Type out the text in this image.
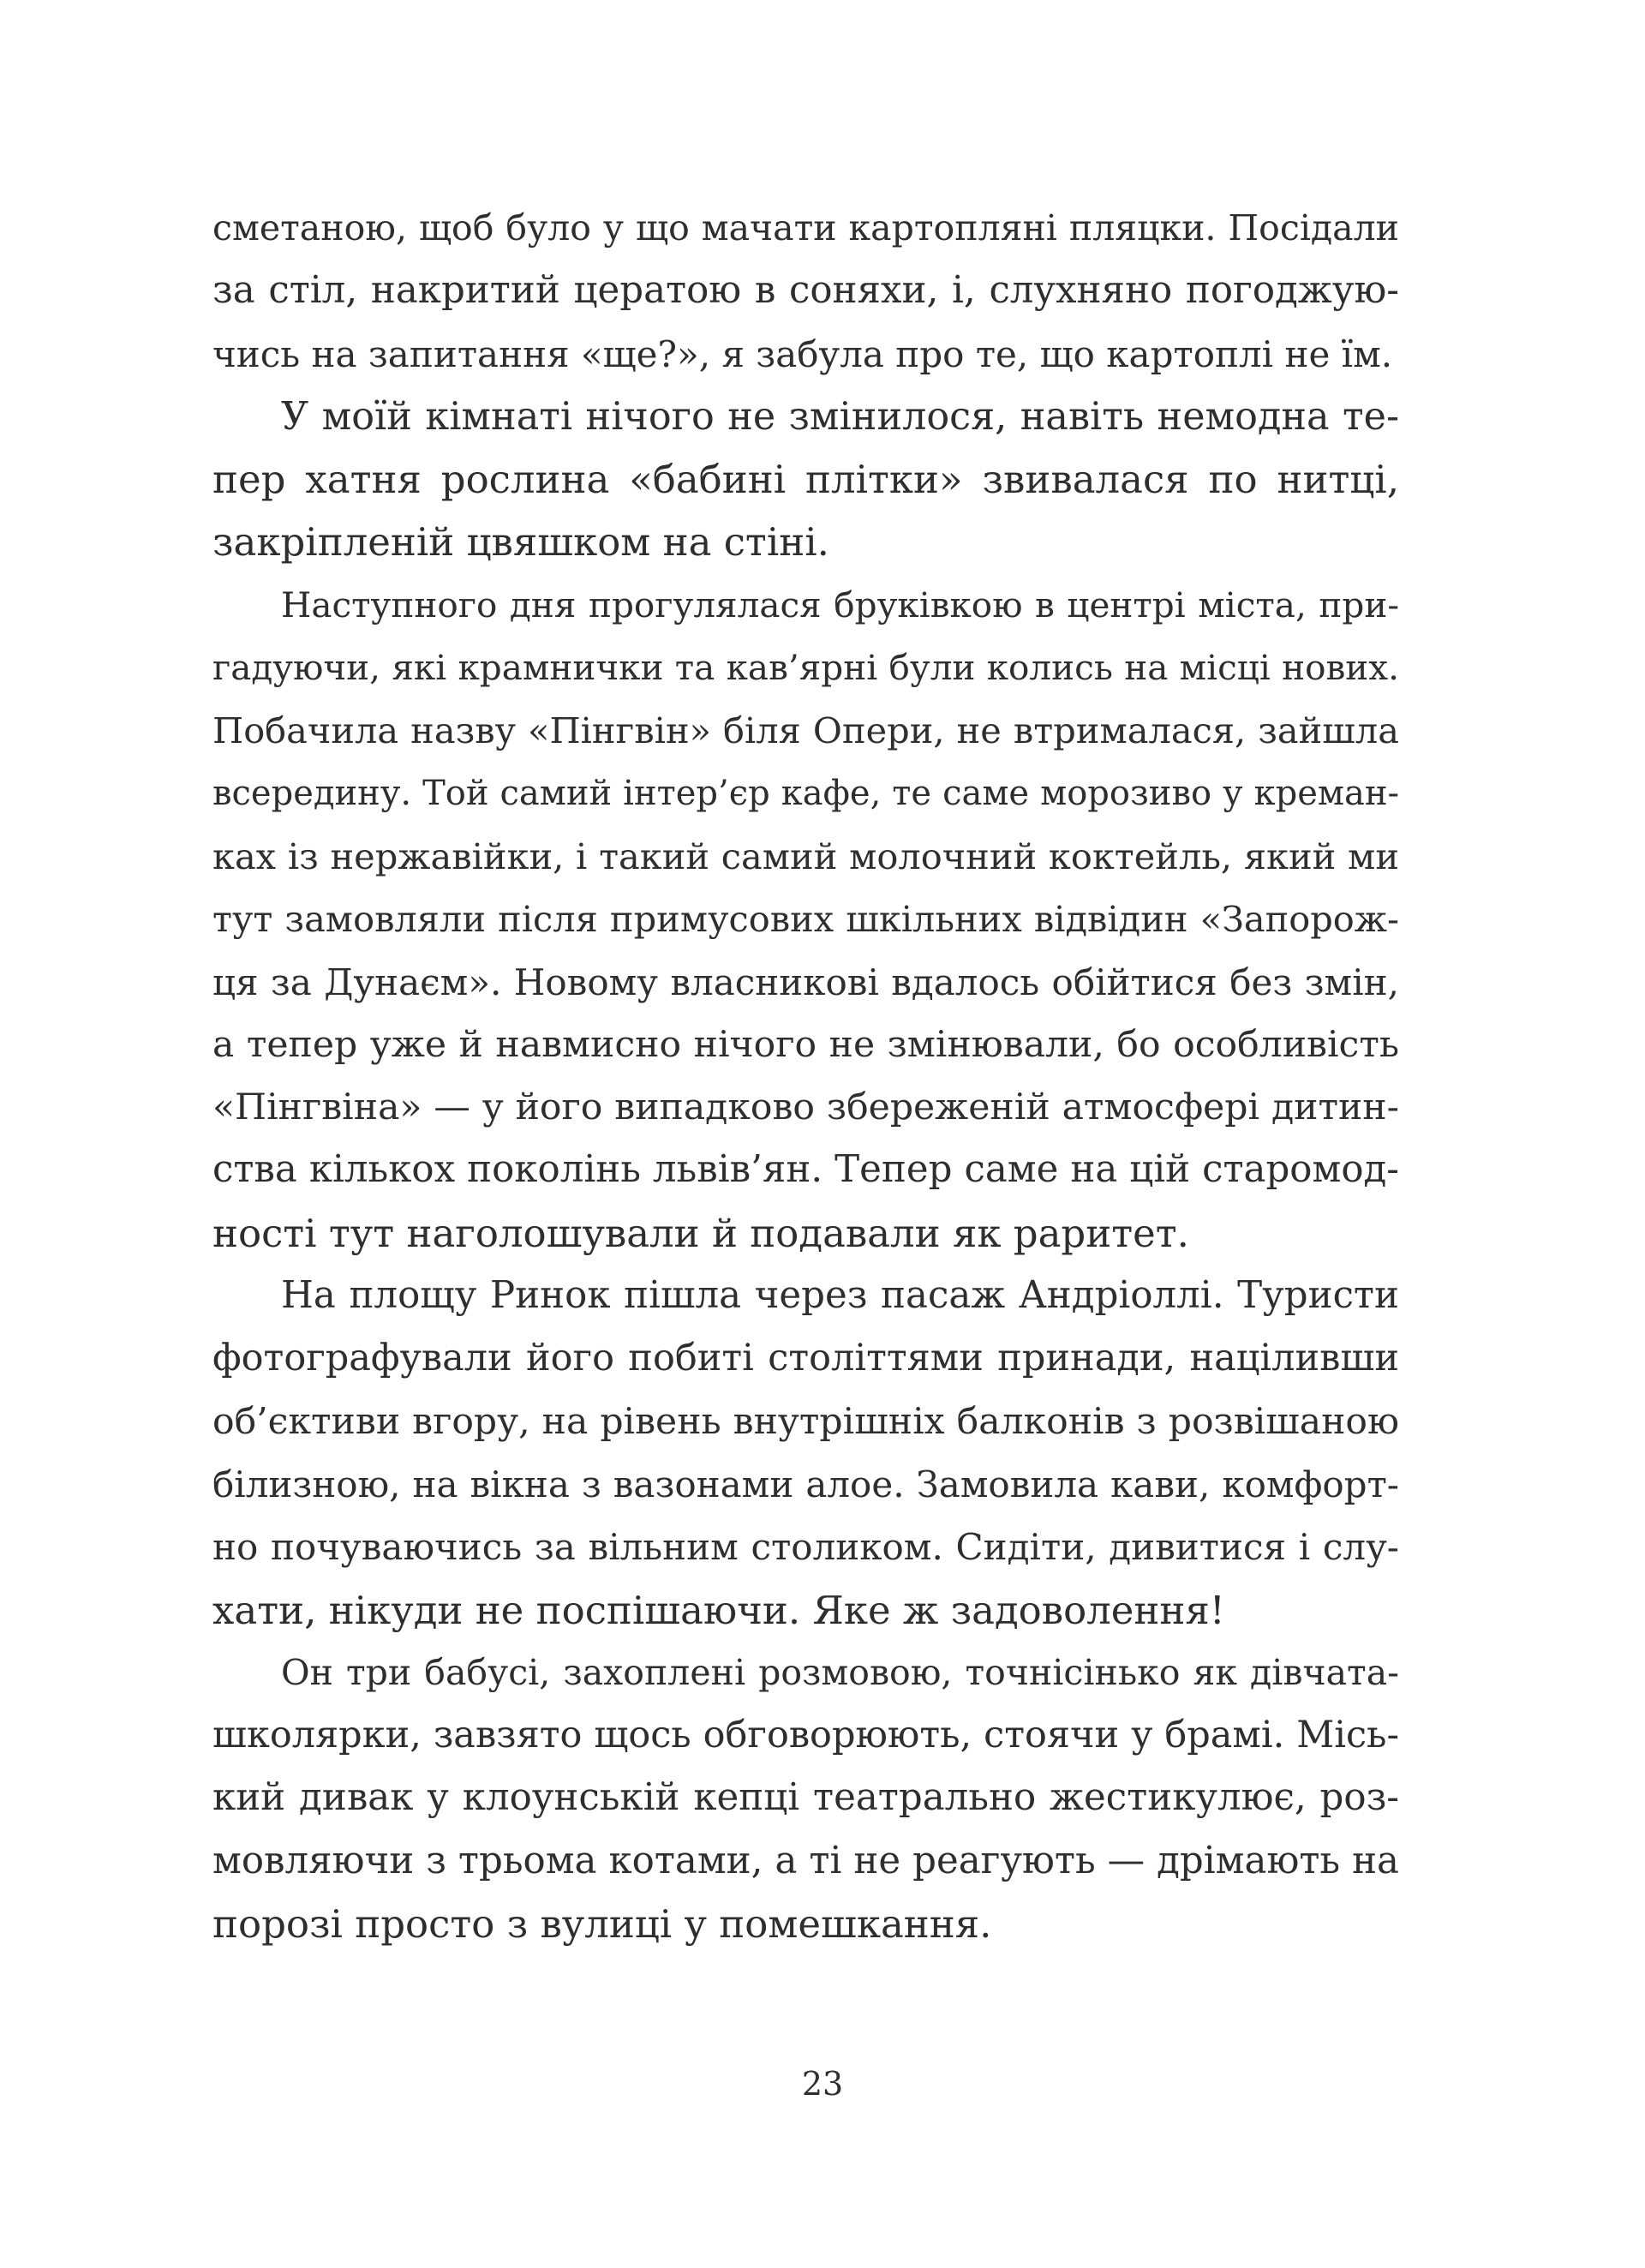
сметаною, щоб було у що мачати картопляні пляцки. Посідали
за стіл, накритий цератою в соняхи, і, слухняно погоджую-
чись на запитання «ще?», я забула про те, що картоплі не їм.
У моїй кімнаті нічого не змінилося, навіть немодна те-
пер хатня рослина «бабині плітки» звивалася по нитці,
закріпленій цвяшком на стіні.
Наступного дня прогулялася бруківкою в центрі міста, при-
гадуючи, які крамнички та кав’ярні були колись на місці нових.
Побачила назву «Пінгвін» біля Опери, не втрималася, зайшла
всередину. Той самий інтер’єр кафе, те саме морозиво у креман-
ках із нержавійки, і такий самий молочний коктейль, який ми
тут замовляли після примусових шкільних відвідин «Запорож-
ця за Дунаєм». Новому власникові вдалось обійтися без змін,
а тепер уже й навмисно нічого не змінювали, бо особливість
«Пінгвіна» — у його випадково збереженій атмосфері дитин-
ства кількох поколінь львів’ян. Тепер саме на цій старомод-
ності тут наголошували й подавали як раритет.
На площу Ринок пішла через пасаж Андріоллі. Туристи
фотографували його побиті століттями принади, націливши
об’єктиви вгору, на рівень внутрішніх балконів з розвішаною
білизною, на вікна з вазонами алое. Замовила кави, комфорт-
но почуваючись за вільним столиком. Сидіти, дивитися і слу-
хати, нікуди не поспішаючи. Яке ж задоволення!
Он три бабусі, захоплені розмовою, точнісінько як дівчата-
школярки, завзято щось обговорюють, стоячи у брамі. Місь-
кий дивак у клоунській кепці театрально жестикулює, роз-
мовляючи з трьома котами, а ті не реагують — дрімають на
порозі просто з вулиці у помешкання.
23
